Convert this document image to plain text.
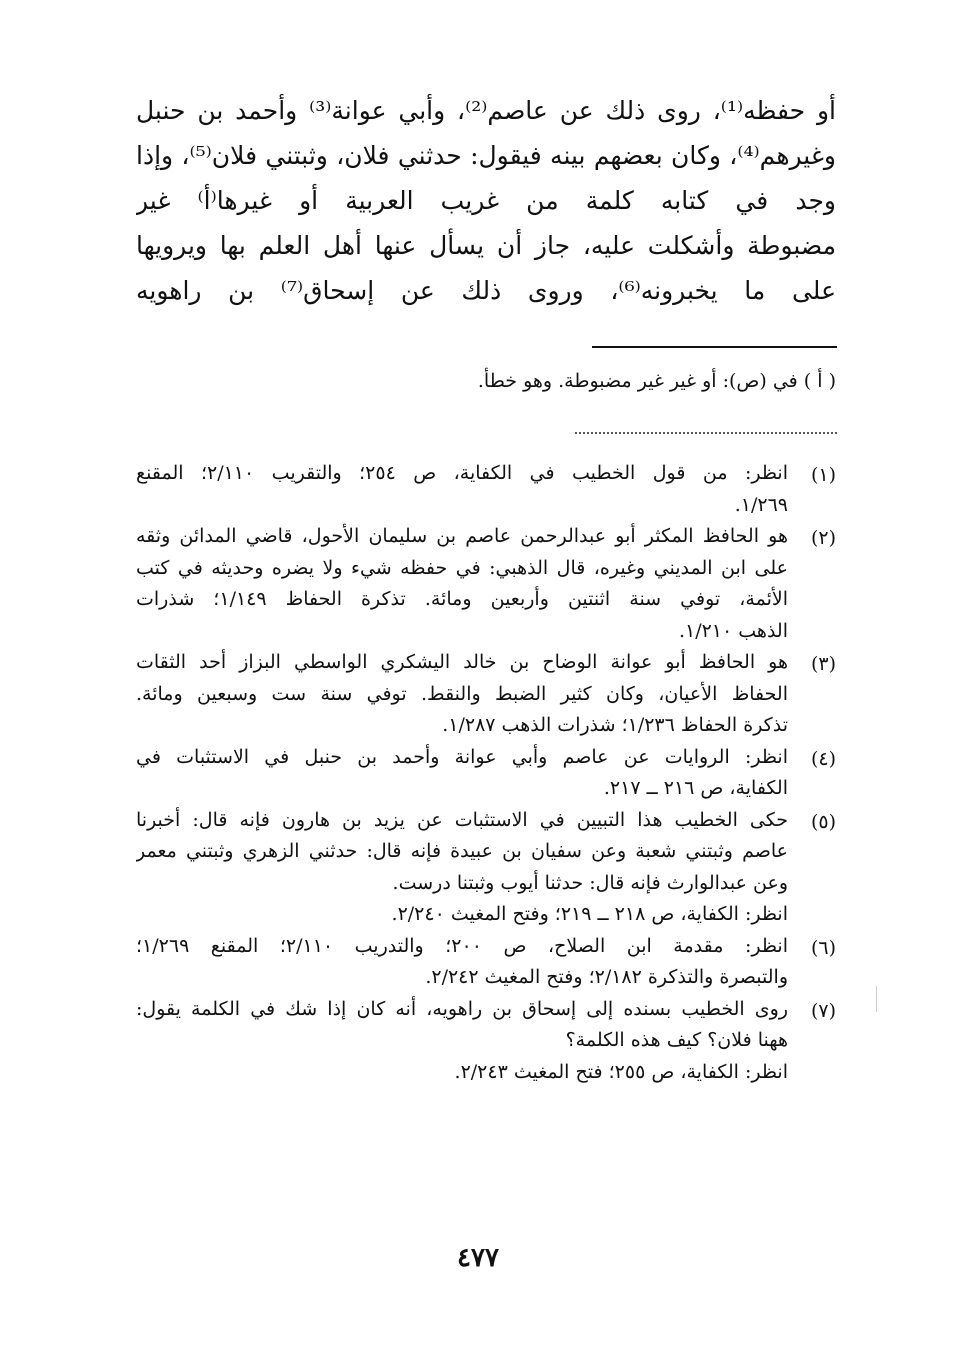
أو حفظه⁽¹⁾، روى ذلك عن عاصم⁽²⁾، وأبي عوانة⁽³⁾ وأحمد بن حنبل
وغيرهم⁽⁴⁾، وكان بعضهم بينه فيقول: حدثني فلان، وثبتني فلان⁽⁵⁾، وإذا
وجد في كتابه كلمة من غريب العربية أو غيرها⁽أ⁾ غير
مضبوطة وأشكلت عليه، جاز أن يسأل عنها أهل العلم بها ويرويها
على ما يخبرونه⁽⁶⁾، وروى ذلك عن إسحاق⁽⁷⁾ بن راهويه
( أ ) في (ص): أو غير غير مضبوطة. وهو خطأ.
(١)
انظر: من قول الخطيب في الكفاية، ص ٢٥٤؛ والتقريب ٢/١١٠؛ المقنع
١/٢٦٩.
(٢)
هو الحافظ المكثر أبو عبدالرحمن عاصم بن سليمان الأحول، قاضي المدائن وثقه
على ابن المديني وغيره، قال الذهبي: في حفظه شيء ولا يضره وحديثه في كتب
الأئمة، توفي سنة اثنتين وأربعين ومائة. تذكرة الحفاظ ١/١٤٩؛ شذرات
الذهب ١/٢١٠.
(٣)
هو الحافظ أبو عوانة الوضاح بن خالد اليشكري الواسطي البزاز أحد الثقات
الحفاظ الأعيان، وكان كثير الضبط والنقط. توفي سنة ست وسبعين ومائة.
تذكرة الحفاظ ١/٢٣٦؛ شذرات الذهب ١/٢٨٧.
(٤)
انظر: الروايات عن عاصم وأبي عوانة وأحمد بن حنبل في الاستثبات في
الكفاية، ص ٢١٦ ــ ٢١٧.
(٥)
حكى الخطيب هذا التبيين في الاستثبات عن يزيد بن هارون فإنه قال: أخبرنا
عاصم وثبتني شعبة وعن سفيان بن عبيدة فإنه قال: حدثني الزهري وثبتني معمر
وعن عبدالوارث فإنه قال: حدثنا أيوب وثبتنا درست.
انظر: الكفاية، ص ٢١٨ ــ ٢١٩؛ وفتح المغيث ٢/٢٤٠.
(٦)
انظر: مقدمة ابن الصلاح، ص ٢٠٠؛ والتدريب ٢/١١٠؛ المقنع ١/٢٦٩؛
والتبصرة والتذكرة ٢/١٨٢؛ وفتح المغيث ٢/٢٤٢.
(٧)
روى الخطيب بسنده إلى إسحاق بن راهويه، أنه كان إذا شك في الكلمة يقول:
ههنا فلان؟ كيف هذه الكلمة؟
انظر: الكفاية، ص ٢٥٥؛ فتح المغيث ٢/٢٤٣.
٤٧٧
